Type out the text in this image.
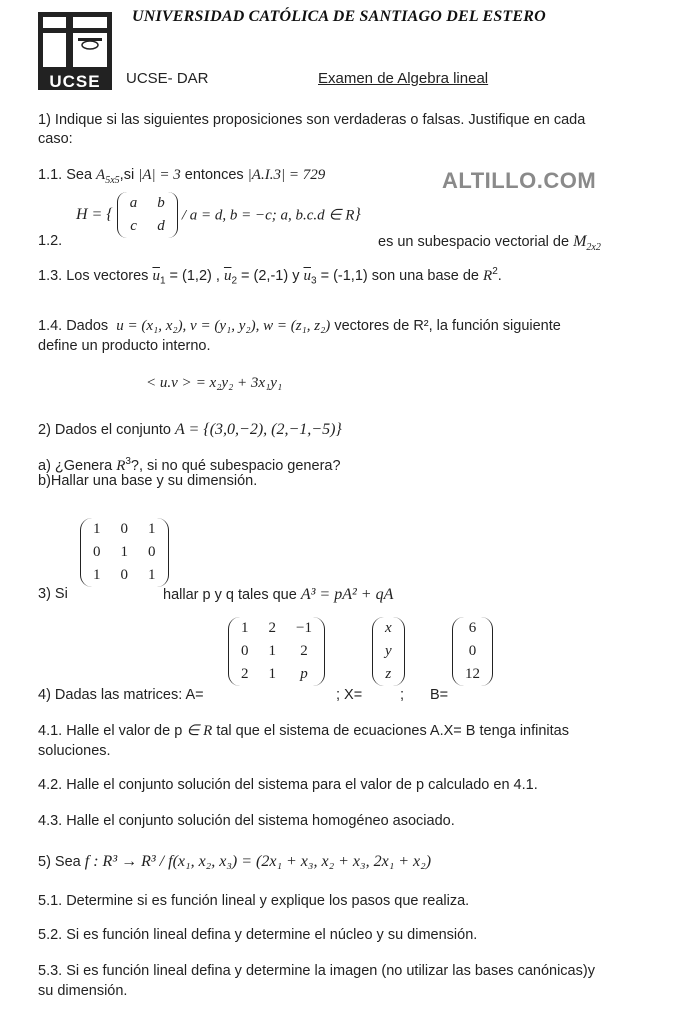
UCSE
UNIVERSIDAD CATÓLICA DE SANTIAGO DEL ESTERO
UCSE- DAR	Examen de Algebra lineal
ALTILLO.COM
1) Indique si las siguientes proposiciones son verdaderas o falsas. Justifique en cada
caso:
1.1. Sea $A_{5x5},si$ |A| = 3 entonces |A.I.3| = 729
1.2.
H = {
a	b
c	d
/ a = d, b = −c; a, b.c.d ∈ R}
es un subespacio vectorial de $M_{2x2}$
1.3. Los vectores $\overline{u}_1 = (1,2)$ , $\overline{u}_2 = (2,-1)$ y $\overline{u}_3 = (-1,1)$ son una base de $R^2$.
1.4. Dados u = (x₁, x₂), v = (y₁, y₂), w = (z₁, z₂) vectores de R², la función siguiente
define un producto interno.
< u.v > = x₂y₂ + 3x₁y₁
2) Dados el conjunto A = {(3,0,−2), (2,−1,−5)}
a) ¿Genera $R^3$?, si no qué subespacio genera?
b)Hallar una base y su dimensión.
3) Si
1	0	1
0	1	0
1	0	1
hallar p y q tales que A³ = pA² + qA
4) Dadas las matrices: A=
1	2	−1
0	1	2
2	1	p
; X=
x
y
z
; B=
6
0
12
4.1. Halle el valor de p ∈ R tal que el sistema de ecuaciones A.X= B tenga infinitas
soluciones.
4.2. Halle el conjunto solución del sistema para el valor de p calculado en 4.1.
4.3. Halle el conjunto solución del sistema homogéneo asociado.
5) Sea f : R³ → R³ / f(x₁, x₂, x₃) = (2x₁ + x₃, x₂ + x₃, 2x₁ + x₂)
5.1. Determine si es función lineal y explique los pasos que realiza.
5.2. Si es función lineal defina y determine el núcleo y su dimensión.
5.3. Si es función lineal defina y determine la imagen (no utilizar las bases canónicas)y
su dimensión.
